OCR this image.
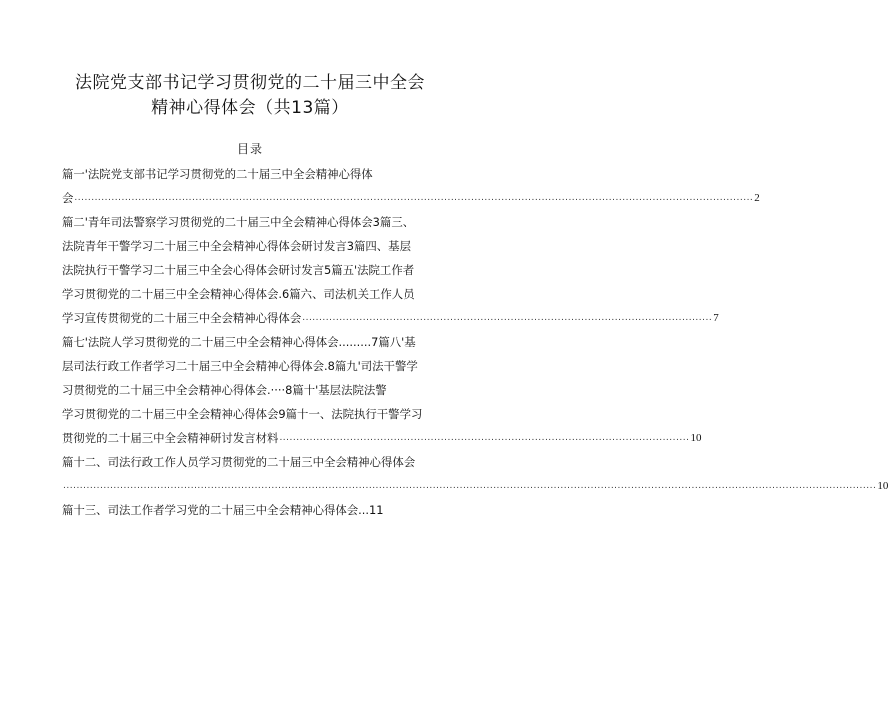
法院党支部书记学习贯彻党的二十届三中全会
精神心得体会（共13篇）
目录
篇一'法院党支部书记学习贯彻党的二十届三中全会精神心得体
会 .......................................................................................................................................................................................................... 2
篇二'青年司法警察学习贯彻党的二十届三中全会精神心得体会3篇三、
法院青年干警学习二十届三中全会精神心得体会研讨发言3篇四、基层
法院执行干警学习二十届三中全会心得体会研讨发言5篇五'法院工作者
学习贯彻党的二十届三中全会精神心得体会.6篇六、司法机关工作人员
学习宣传贯彻党的二十届三中全会精神心得体会 .......................................................................................................................... 7
篇七'法院人学习贯彻党的二十届三中全会精神心得体会.........7篇八'基
层司法行政工作者学习二十届三中全会精神心得体会.8篇九'司法干警学
习贯彻党的二十届三中全会精神心得体会.····8篇十'基层法院法警
学习贯彻党的二十届三中全会精神心得体会9篇十一、法院执行干警学习
贯彻党的二十届三中全会精神研讨发言材料 .......................................................................................................................... 10
篇十二、司法行政工作人员学习贯彻党的二十届三中全会精神心得体会
.................................................................................................................................................................................................................................................. 10
篇十三、司法工作者学习党的二十届三中全会精神心得体会...11
